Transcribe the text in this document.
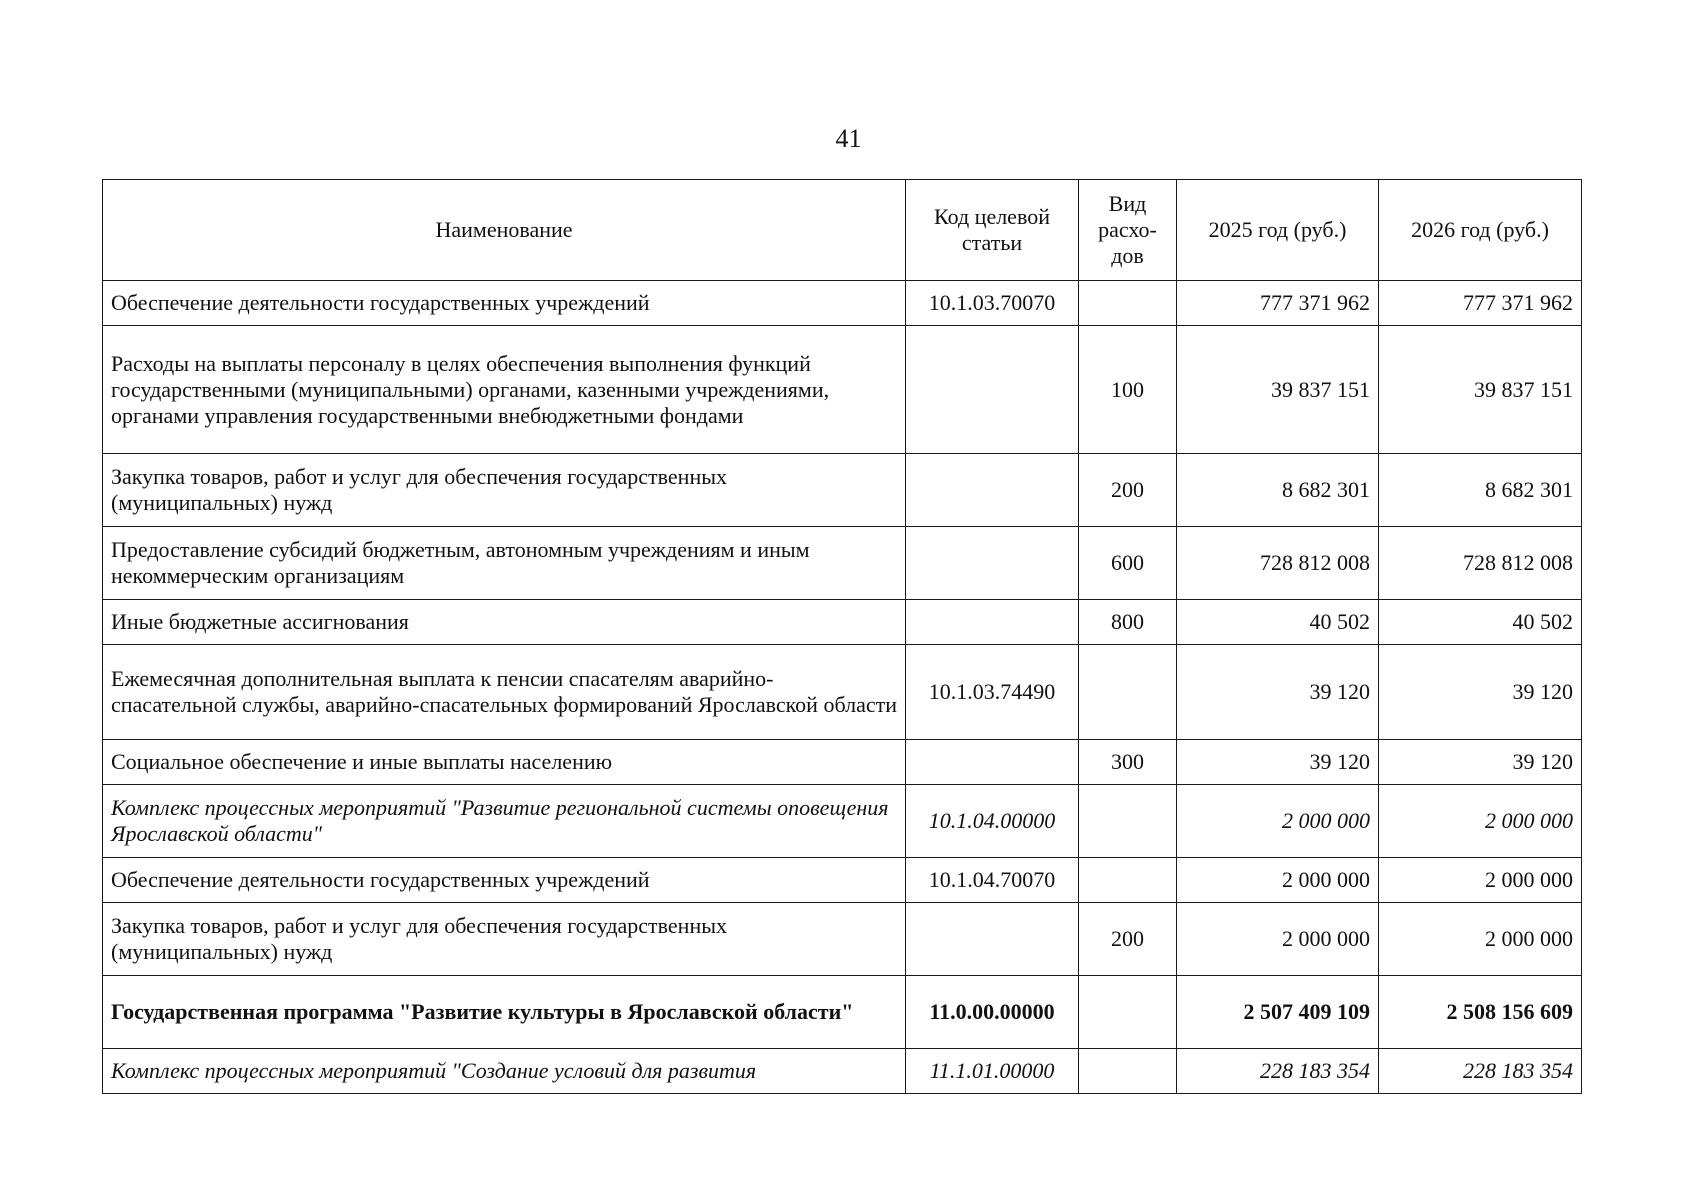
41
Наименование	Код целевой статьи	Вид расхо-дов	2025 год (руб.)	2026 год (руб.)
Обеспечение деятельности государственных учреждений	10.1.03.70070		777 371 962	777 371 962
Расходы на выплаты персоналу в целях обеспечения выполнения функций государственными (муниципальными) органами, казенными учреждениями, органами управления государственными внебюджетными фондами		100	39 837 151	39 837 151
Закупка товаров, работ и услуг для обеспечения государственных (муниципальных) нужд		200	8 682 301	8 682 301
Предоставление субсидий бюджетным, автономным учреждениям и иным некоммерческим организациям		600	728 812 008	728 812 008
Иные бюджетные ассигнования		800	40 502	40 502
Ежемесячная дополнительная выплата к пенсии спасателям аварийно-спасательной службы, аварийно-спасательных формирований Ярославской области	10.1.03.74490		39 120	39 120
Социальное обеспечение и иные выплаты населению		300	39 120	39 120
Комплекс процессных мероприятий "Развитие региональной системы оповещения Ярославской области"	10.1.04.00000		2 000 000	2 000 000
Обеспечение деятельности государственных учреждений	10.1.04.70070		2 000 000	2 000 000
Закупка товаров, работ и услуг для обеспечения государственных (муниципальных) нужд		200	2 000 000	2 000 000
Государственная программа "Развитие культуры в Ярославской области"	11.0.00.00000		2 507 409 109	2 508 156 609
Комплекс процессных мероприятий "Создание условий для развития	11.1.01.00000		228 183 354	228 183 354
